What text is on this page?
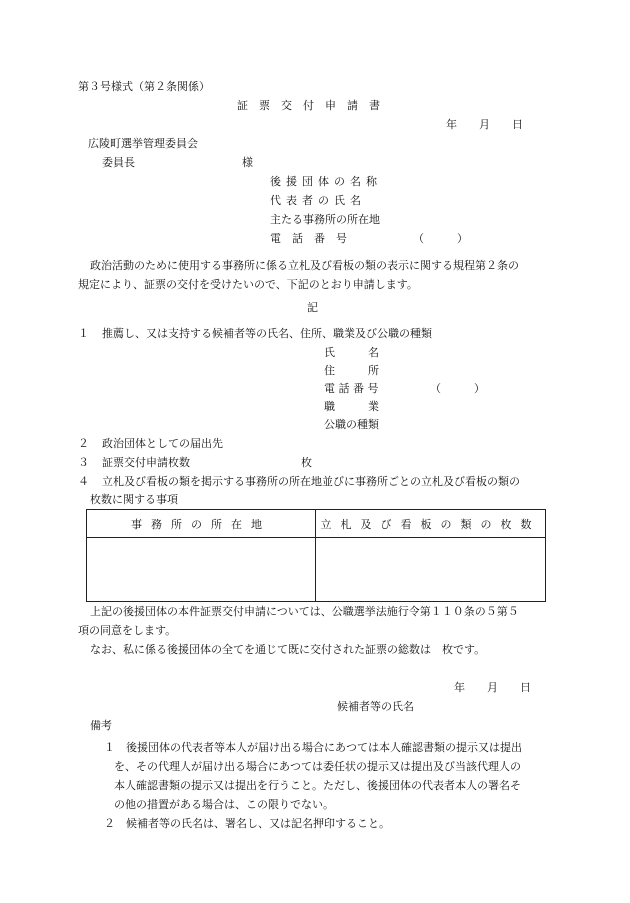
第３号様式（第２条関係）
証　票　交　付　申　請　書
年　　月　　日
広陵町選挙管理委員会
委員長	様
後援団体の名称
代表者の氏名
主たる事務所の所在地
電　話　番　号	（　　　）
政治活動のために使用する事務所に係る立札及び看板の類の表示に関する規程第２条の
規定により、証票の交付を受けたいので、下記のとおり申請します。
記
１ 推薦し、又は支持する候補者等の氏名、住所、職業及び公職の種類
氏　　　名
住　　　所
電 話 番 号	（　　　）
職　　　業
公職の種類
２ 政治団体としての届出先
３ 証票交付申請枚数	枚
４ 立札及び看板の類を掲示する事務所の所在地並びに事務所ごとの立札及び看板の類の
枚数に関する事項
事務所の所在地	立札及び看板の類の枚数

上記の後援団体の本件証票交付申請については、公職選挙法施行令第１１０条の５第５
項の同意をします。
なお、私に係る後援団体の全てを通じて既に交付された証票の総数は　枚です。
年　　月　　日
候補者等の氏名
備考
１ 後援団体の代表者等本人が届け出る場合にあつては本人確認書類の提示又は提出
を、その代理人が届け出る場合にあつては委任状の提示又は提出及び当該代理人の
本人確認書類の提示又は提出を行うこと。ただし、後援団体の代表者本人の署名そ
の他の措置がある場合は、この限りでない。
２ 候補者等の氏名は、署名し、又は記名押印すること。
